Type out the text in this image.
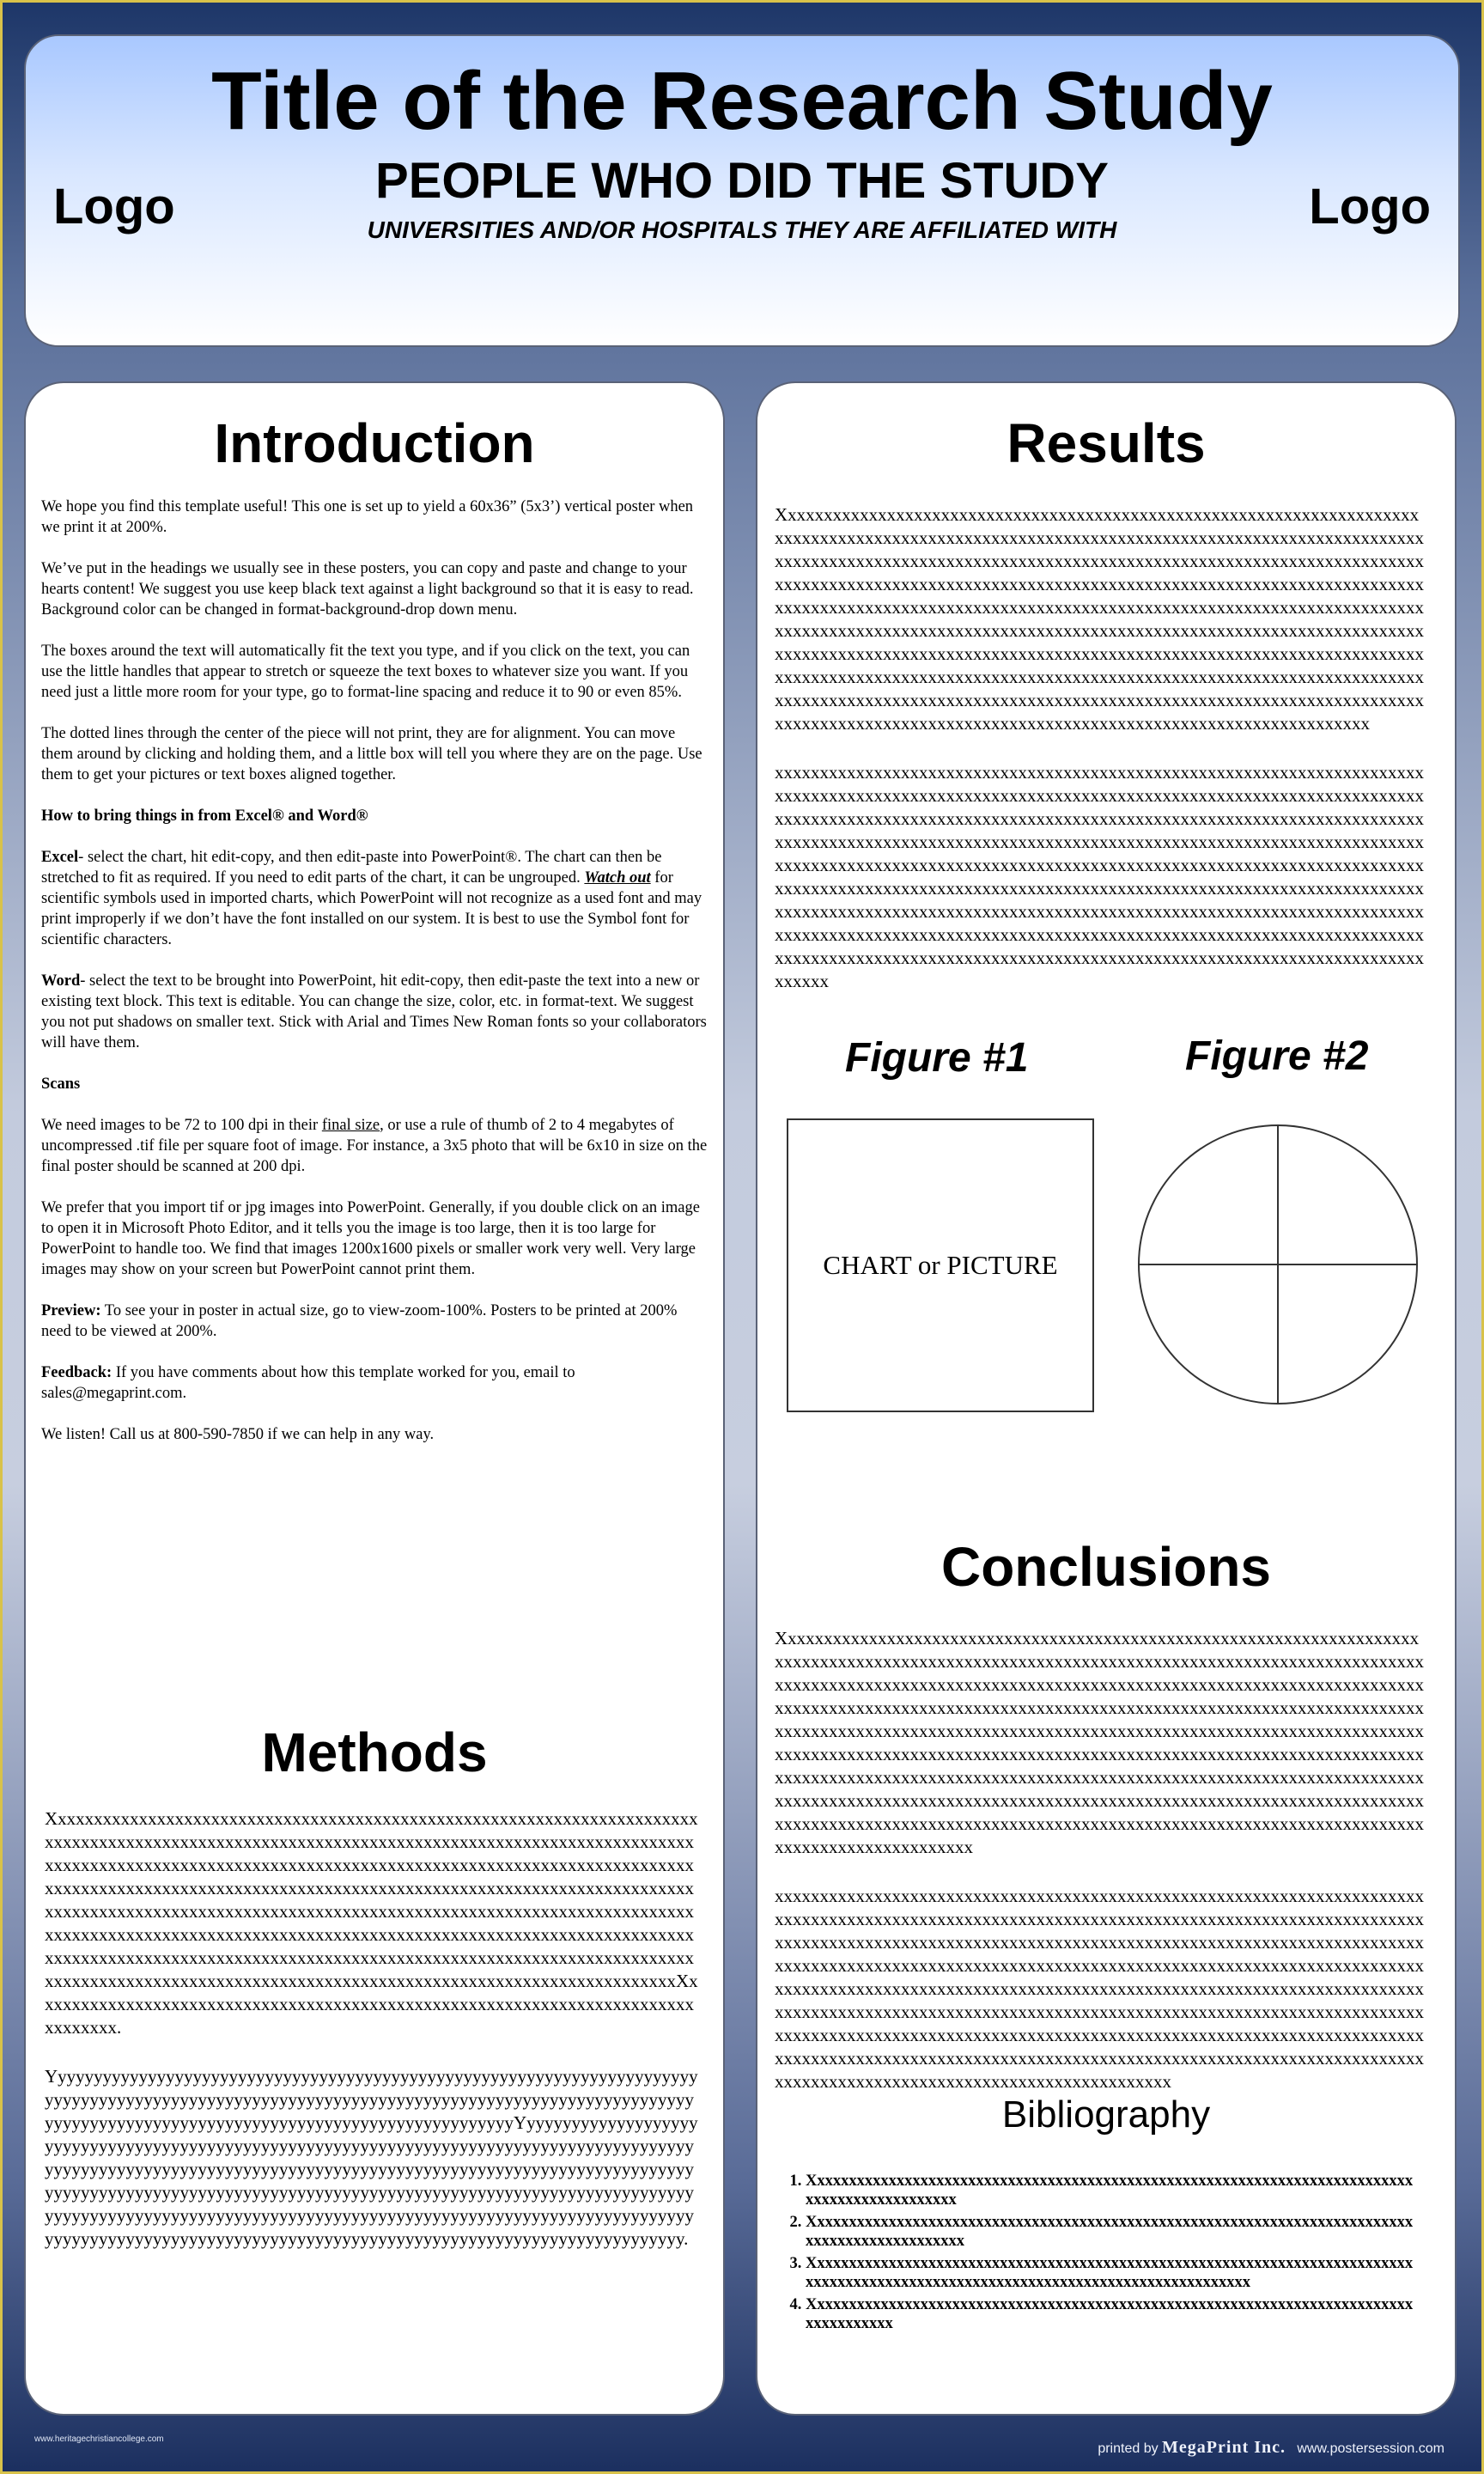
Title of the Research Study
PEOPLE WHO DID THE STUDY
UNIVERSITIES AND/OR HOSPITALS THEY ARE AFFILIATED WITH
Logo	Logo
Introduction

We hope you find this template useful! This one is set up to yield a 60x36” (5x3’) vertical poster when we print it at 200%.

We’ve put in the headings we usually see in these posters, you can copy and paste and change to your hearts content! We suggest you use keep black text against a light background so that it is easy to read. Background color can be changed in format-background-drop down menu.

The boxes around the text will automatically fit the text you type, and if you click on the text, you can use the little handles that appear to stretch or squeeze the text boxes to whatever size you want. If you need just a little more room for your type, go to format-line spacing and reduce it to 90 or even 85%.

The dotted lines through the center of the piece will not print, they are for alignment. You can move them around by clicking and holding them, and a little box will tell you where they are on the page. Use them to get your pictures or text boxes aligned together.

How to bring things in from Excel® and Word®

Excel- select the chart, hit edit-copy, and then edit-paste into PowerPoint®. The chart can then be stretched to fit as required. If you need to edit parts of the chart, it can be ungrouped. Watch out for scientific symbols used in imported charts, which PowerPoint will not recognize as a used font and may print improperly if we don’t have the font installed on our system. It is best to use the Symbol font for scientific characters.

Word- select the text to be brought into PowerPoint, hit edit-copy, then edit-paste the text into a new or existing text block. This text is editable. You can change the size, color, etc. in format-text. We suggest you not put shadows on smaller text. Stick with Arial and Times New Roman fonts so your collaborators will have them.

Scans

We need images to be 72 to 100 dpi in their final size, or use a rule of thumb of 2 to 4 megabytes of uncompressed .tif file per square foot of image. For instance, a 3x5 photo that will be 6x10 in size on the final poster should be scanned at 200 dpi.

We prefer that you import tif or jpg images into PowerPoint. Generally, if you double click on an image to open it in Microsoft Photo Editor, and it tells you the image is too large, then it is too large for PowerPoint to handle too. We find that images 1200x1600 pixels or smaller work very well. Very large images may show on your screen but PowerPoint cannot print them.

Preview: To see your in poster in actual size, go to view-zoom-100%. Posters to be printed at 200% need to be viewed at 200%.

Feedback: If you have comments about how this template worked for you, email to sales@megaprint.com.

We listen! Call us at 800-590-7850 if we can help in any way.

Methods

XxxxxxxxxxxxxxxxxxxxxxxxxxxxxxxxxxxxxxxxxxxxxxxxxxxxxxxxxxxxxxxxxxxxxxxxxxxxxxxxxxxxxxxxxxxxxxxxxxxxxxxxxxxxxxxxxxxxxxxxxxxxxxxxxxxxxxxxxxxxxxxxxxxxxxxxxxxxxxxxxxxxxxxxxxxxxxxxxxxxxxxxxxxxxxxxxxxxxxxxxxxxxxxxxxxxxxxxxxxxxxxxxxxxxxxxxxxxxxxxxxxxxxxxxxxxxxxxxxxxxxxxxxxxxxxxxxxxxxxxxxxxxxxxxxxxxxxxxxxxxxxxxxxxxxxxxxxxxxxxxxxxxxxxxxxxxxxxxxxxxxxxxxxxxxxxxxxxxxxxxxxxxxxxxxxxxxxxxxxxxxxxxxxxxxxxxxxxxxxxxxxxxxxxxxxxxxxxxxxxxxxxxxxxxxxxxxxxxxxxxxxxxxxxxxxxxxxxxxxxxxxxxxxxxxxxxxxxxxxxxxxxxxxxxxxxxxxxxxxxxxxxxxxxxxxxxxxxxxxxxxxxxxxxxxxxxxxxxxxxxxxxxxxxxxxxxxxxxxxxxxxxxxxxxxxxxxXxxxxxxxxxxxxxxxxxxxxxxxxxxxxxxxxxxxxxxxxxxxxxxxxxxxxxxxxxxxxxxxxxxxxxxxxxxxxxxxxx.

YyyyyyyyyyyyyyyyyyyyyyyyyyyyyyyyyyyyyyyyyyyyyyyyyyyyyyyyyyyyyyyyyyyyyyyyyyyyyyyyyyyyyyyyyyyyyyyyyyyyyyyyyyyyyyyyyyyyyyyyyyyyyyyyyyyyyyyyyyyyyyyyyyyyyyyyyyyyyyyyyyyyyyyyyyyyyyyyyyyyyyyyyyyyyyyyyyyyYyyyyyyyyyyyyyyyyyyyyyyyyyyyyyyyyyyyyyyyyyyyyyyyyyyyyyyyyyyyyyyyyyyyyyyyyyyyyyyyyyyyyyyyyyyyyyyyyyyyyyyyyyyyyyyyyyyyyyyyyyyyyyyyyyyyyyyyyyyyyyyyyyyyyyyyyyyyyyyyyyyyyyyyyyyyyyyyyyyyyyyyyyyyyyyyyyyyyyyyyyyyyyyyyyyyyyyyyyyyyyyyyyyyyyyyyyyyyyyyyyyyyyyyyyyyyyyyyyyyyyyyyyyyyyyyyyyyyyyyyyyyyyyyyyyyyyyyyyyyyyyyyyyyyyyyyyyyyyyyyyyyyyyyyyyyyyyyyyyyyyyyyyyyyyyyyyyyyyyyyyyyyyyyyyyyyyyyyyy.

Results

Xxxxxxxxxxxxxxxxxxxxxxxxxxxxxxxxxxxxxxxxxxxxxxxxxxxxxxxxxxxxxxxxxxxxxxxxxxxxxxxxxxxxxxxxxxxxxxxxxxxxxxxxxxxxxxxxxxxxxxxxxxxxxxxxxxxxxxxxxxxxxxxxxxxxxxxxxxxxxxxxxxxxxxxxxxxxxxxxxxxxxxxxxxxxxxxxxxxxxxxxxxxxxxxxxxxxxxxxxxxxxxxxxxxxxxxxxxxxxxxxxxxxxxxxxxxxxxxxxxxxxxxxxxxxxxxxxxxxxxxxxxxxxxxxxxxxxxxxxxxxxxxxxxxxxxxxxxxxxxxxxxxxxxxxxxxxxxxxxxxxxxxxxxxxxxxxxxxxxxxxxxxxxxxxxxxxxxxxxxxxxxxxxxxxxxxxxxxxxxxxxxxxxxxxxxxxxxxxxxxxxxxxxxxxxxxxxxxxxxxxxxxxxxxxxxxxxxxxxxxxxxxxxxxxxxxxxxxxxxxxxxxxxxxxxxxxxxxxxxxxxxxxxxxxxxxxxxxxxxxxxxxxxxxxxxxxxxxxxxxxxxxxxxxxxxxxxxxxxxxxxxxxxxxxxxxxxxxxxxxxxxxxxxxxxxxxxxxxxxxxxxxxxxxxxxxxxxxxxxxxxxxxxxxxxxxxxxxxxxxxxxxxxxxxxxxxxxxxxxxxxxxxxxxxxxxxxxxxxxxxxxxxxxxxxxxxxxxxxxxxxxxxxxxxxxxxx

xxxxxxxxxxxxxxxxxxxxxxxxxxxxxxxxxxxxxxxxxxxxxxxxxxxxxxxxxxxxxxxxxxxxxxxxxxxxxxxxxxxxxxxxxxxxxxxxxxxxxxxxxxxxxxxxxxxxxxxxxxxxxxxxxxxxxxxxxxxxxxxxxxxxxxxxxxxxxxxxxxxxxxxxxxxxxxxxxxxxxxxxxxxxxxxxxxxxxxxxxxxxxxxxxxxxxxxxxxxxxxxxxxxxxxxxxxxxxxxxxxxxxxxxxxxxxxxxxxxxxxxxxxxxxxxxxxxxxxxxxxxxxxxxxxxxxxxxxxxxxxxxxxxxxxxxxxxxxxxxxxxxxxxxxxxxxxxxxxxxxxxxxxxxxxxxxxxxxxxxxxxxxxxxxxxxxxxxxxxxxxxxxxxxxxxxxxxxxxxxxxxxxxxxxxxxxxxxxxxxxxxxxxxxxxxxxxxxxxxxxxxxxxxxxxxxxxxxxxxxxxxxxxxxxxxxxxxxxxxxxxxxxxxxxxxxxxxxxxxxxxxxxxxxxxxxxxxxxxxxxxxxxxxxxxxxxxxxxxxxxxxxxxxxxxxxxxxxxxxxxxxxxxxxxxxxxxxxxxxxxxxxxxxxxxxxxxxxxxxxxxxxxxxxxxxxxxxxxxxxxxxxxxxxxxxxxxxxxxxxxxxxxxxxxxxxxx

Figure #1	Figure #2
CHART or PICTURE
Conclusions

Xxxxxxxxxxxxxxxxxxxxxxxxxxxxxxxxxxxxxxxxxxxxxxxxxxxxxxxxxxxxxxxxxxxxxxxxxxxxxxxxxxxxxxxxxxxxxxxxxxxxxxxxxxxxxxxxxxxxxxxxxxxxxxxxxxxxxxxxxxxxxxxxxxxxxxxxxxxxxxxxxxxxxxxxxxxxxxxxxxxxxxxxxxxxxxxxxxxxxxxxxxxxxxxxxxxxxxxxxxxxxxxxxxxxxxxxxxxxxxxxxxxxxxxxxxxxxxxxxxxxxxxxxxxxxxxxxxxxxxxxxxxxxxxxxxxxxxxxxxxxxxxxxxxxxxxxxxxxxxxxxxxxxxxxxxxxxxxxxxxxxxxxxxxxxxxxxxxxxxxxxxxxxxxxxxxxxxxxxxxxxxxxxxxxxxxxxxxxxxxxxxxxxxxxxxxxxxxxxxxxxxxxxxxxxxxxxxxxxxxxxxxxxxxxxxxxxxxxxxxxxxxxxxxxxxxxxxxxxxxxxxxxxxxxxxxxxxxxxxxxxxxxxxxxxxxxxxxxxxxxxxxxxxxxxxxxxxxxxxxxxxxxxxxxxxxxxxxxxxxxxxxxxxxxxxxxxxxxxxxxxxxxxxxxxxxxxxxxxxxxxxxxxxxxxxxxxxxxxxxxxxxxxxxxxxxxxxxxxxxxxxxxxxxxxxxxxxxxxxxxxxxxxxxxx

xxxxxxxxxxxxxxxxxxxxxxxxxxxxxxxxxxxxxxxxxxxxxxxxxxxxxxxxxxxxxxxxxxxxxxxxxxxxxxxxxxxxxxxxxxxxxxxxxxxxxxxxxxxxxxxxxxxxxxxxxxxxxxxxxxxxxxxxxxxxxxxxxxxxxxxxxxxxxxxxxxxxxxxxxxxxxxxxxxxxxxxxxxxxxxxxxxxxxxxxxxxxxxxxxxxxxxxxxxxxxxxxxxxxxxxxxxxxxxxxxxxxxxxxxxxxxxxxxxxxxxxxxxxxxxxxxxxxxxxxxxxxxxxxxxxxxxxxxxxxxxxxxxxxxxxxxxxxxxxxxxxxxxxxxxxxxxxxxxxxxxxxxxxxxxxxxxxxxxxxxxxxxxxxxxxxxxxxxxxxxxxxxxxxxxxxxxxxxxxxxxxxxxxxxxxxxxxxxxxxxxxxxxxxxxxxxxxxxxxxxxxxxxxxxxxxxxxxxxxxxxxxxxxxxxxxxxxxxxxxxxxxxxxxxxxxxxxxxxxxxxxxxxxxxxxxxxxxxxxxxxxxxxxxxxxxxxxxxxxxxxxxxxxxxxxxxxxxxxxxxxxxxxxxxxxxxxxxxxxxxxxxxxxxxxxxxxxxxxxxxxxxxxxxxxxxxxxxxxxx

Bibliography
1. Xxxxxxxxxxxxxxxxxxxxxxxxxxxxxxxxxxxxxxxxxxxxxxxxxxxxxxxxxxxxxxxxxxxxxxxxxxxxxxxxxxxxxxxxxxxxxxx
2. Xxxxxxxxxxxxxxxxxxxxxxxxxxxxxxxxxxxxxxxxxxxxxxxxxxxxxxxxxxxxxxxxxxxxxxxxxxxxxxxxxxxxxxxxxxxxxxxx
3. Xxxxxxxxxxxxxxxxxxxxxxxxxxxxxxxxxxxxxxxxxxxxxxxxxxxxxxxxxxxxxxxxxxxxxxxxxxxxxxxxxxxxxxxxxxxxxxxxxxxxxxxxxxxxxxxxxxxxxxxxxxxxxxxxxxxx
4. Xxxxxxxxxxxxxxxxxxxxxxxxxxxxxxxxxxxxxxxxxxxxxxxxxxxxxxxxxxxxxxxxxxxxxxxxxxxxxxxxxxxxxxx
www.heritagechristiancollege.com
printed by MegaPrint Inc. www.postersession.com
